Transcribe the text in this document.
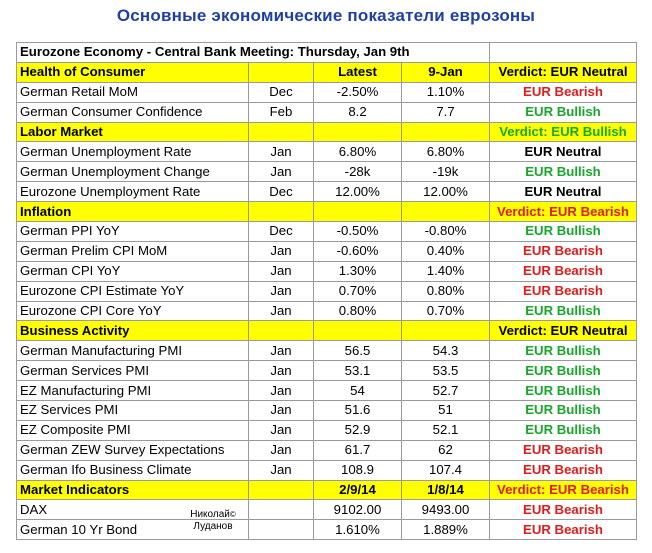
Основные экономические показатели еврозоны
Eurozone Economy - Central Bank Meeting: Thursday, Jan 9th				
Health of Consumer		Latest	9-Jan	Verdict: EUR Neutral
German Retail MoM	Dec	-2.50%	1.10%	EUR Bearish
German Consumer Confidence	Feb	8.2	7.7	EUR Bullish
Labor Market				Verdict: EUR Bullish
German Unemployment Rate	Jan	6.80%	6.80%	EUR Neutral
German Unemployment Change	Jan	-28k	-19k	EUR Bullish
Eurozone Unemployment Rate	Dec	12.00%	12.00%	EUR Neutral
Inflation				Verdict: EUR Bearish
German PPI YoY	Dec	-0.50%	-0.80%	EUR Bullish
German Prelim CPI MoM	Jan	-0.60%	0.40%	EUR Bearish
German CPI YoY	Jan	1.30%	1.40%	EUR Bearish
Eurozone CPI Estimate YoY	Jan	0.70%	0.80%	EUR Bearish
Eurozone CPI Core YoY	Jan	0.80%	0.70%	EUR Bullish
Business Activity				Verdict: EUR Neutral
German Manufacturing PMI	Jan	56.5	54.3	EUR Bullish
German Services PMI	Jan	53.1	53.5	EUR Bullish
EZ Manufacturing PMI	Jan	54	52.7	EUR Bullish
EZ Services PMI	Jan	51.6	51	EUR Bullish
EZ Composite PMI	Jan	52.9	52.1	EUR Bullish
German ZEW Survey Expectations	Jan	61.7	62	EUR Bearish
German Ifo Business Climate	Jan	108.9	107.4	EUR Bearish
Market Indicators		2/9/14	1/8/14	Verdict: EUR Bearish
DAX		9102.00	9493.00	EUR Bearish
German 10 Yr Bond		1.610%	1.889%	EUR Bearish
Николай©
Луданов
